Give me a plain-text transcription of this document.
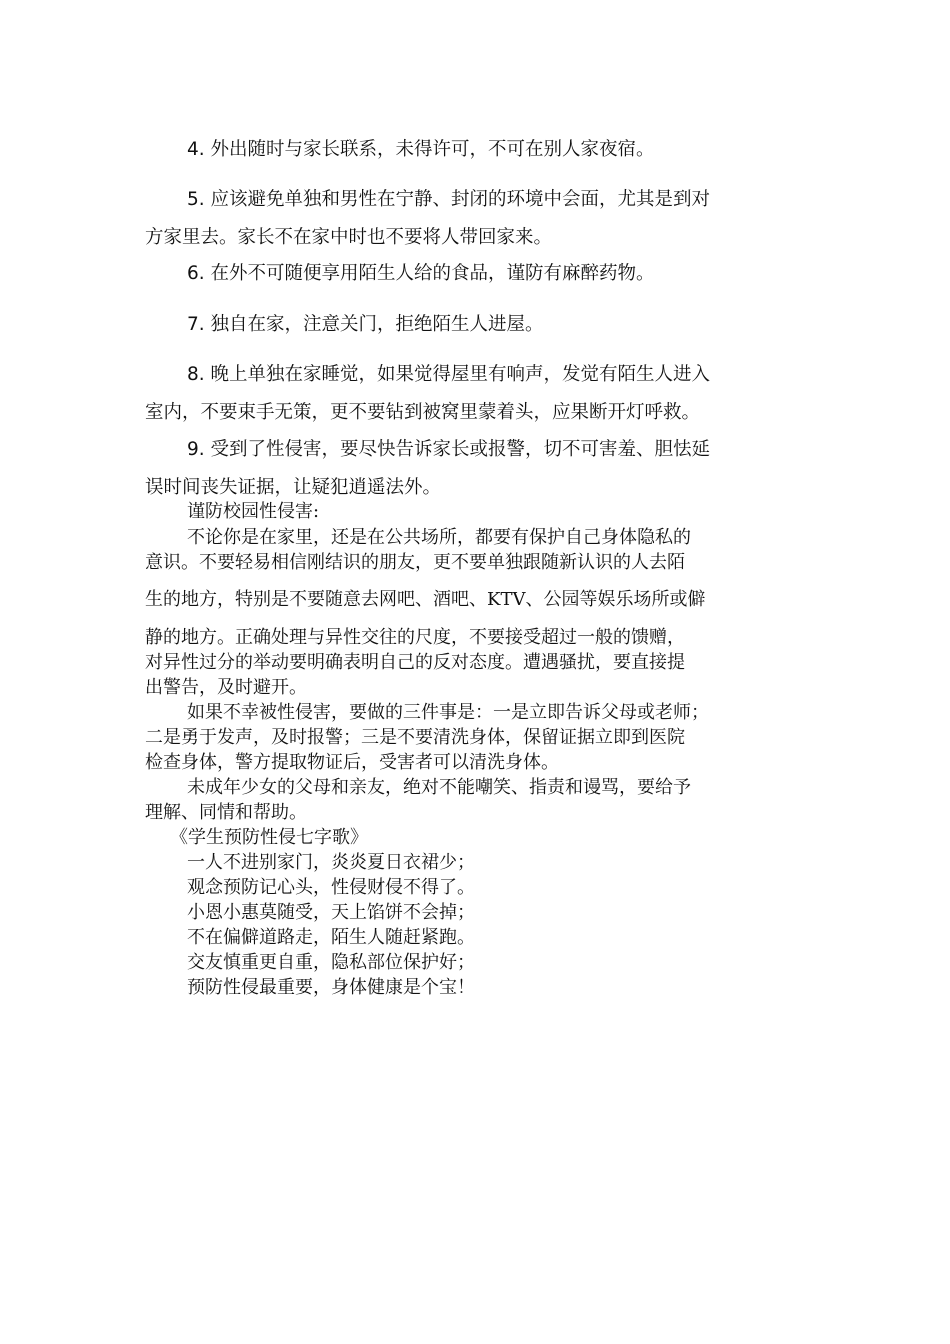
4. 外出随时与家长联系，未得许可，不可在别人家夜宿。
5. 应该避免单独和男性在宁静、封闭的环境中会面，尤其是到对
方家里去。家长不在家中时也不要将人带回家来。
6. 在外不可随便享用陌生人给的食品，谨防有麻醉药物。
7. 独自在家，注意关门，拒绝陌生人进屋。
8. 晚上单独在家睡觉，如果觉得屋里有响声，发觉有陌生人进入
室内，不要束手无策，更不要钻到被窝里蒙着头，应果断开灯呼救。
9. 受到了性侵害，要尽快告诉家长或报警，切不可害羞、胆怯延
误时间丧失证据，让疑犯逍遥法外。
谨防校园性侵害:
不论你是在家里，还是在公共场所，都要有保护自己身体隐私的
意识。不要轻易相信刚结识的朋友，更不要单独跟随新认识的人去陌
生的地方，特别是不要随意去网吧、酒吧、KTV、公园等娱乐场所或僻
静的地方。正确处理与异性交往的尺度，不要接受超过一般的馈赠，
对异性过分的举动要明确表明自己的反对态度。遭遇骚扰，要直接提
出警告，及时避开。
如果不幸被性侵害，要做的三件事是：一是立即告诉父母或老师；
二是勇于发声，及时报警；三是不要清洗身体，保留证据立即到医院
检查身体，警方提取物证后，受害者可以清洗身体。
未成年少女的父母和亲友，绝对不能嘲笑、指责和谩骂，要给予
理解、同情和帮助。
《学生预防性侵七字歌》
一人不进别家门，炎炎夏日衣裙少；
观念预防记心头，性侵财侵不得了。
小恩小惠莫随受，天上馅饼不会掉；
不在偏僻道路走，陌生人随赶紧跑。
交友慎重更自重，隐私部位保护好；
预防性侵最重要，身体健康是个宝！
